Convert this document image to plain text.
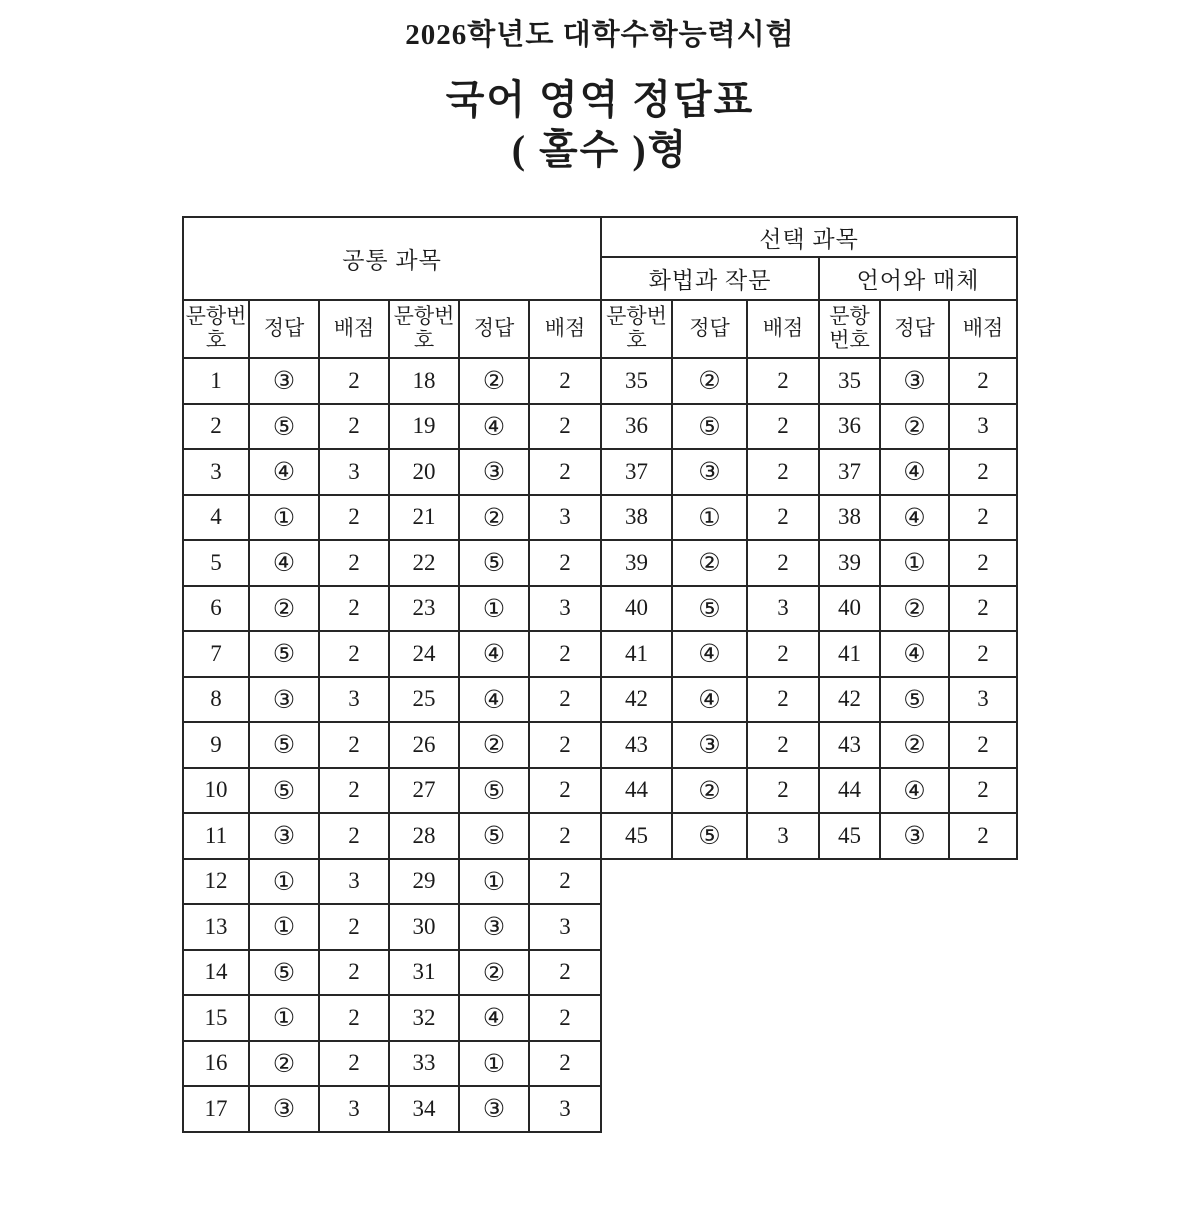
2026학년도 대학수학능력시험
국어 영역 정답표
( 홀수 )형
공통 과목						선택 과목					
						화법과 작문			언어와 매체		
문항번호	정답	배점	문항번호	정답	배점	문항번호	정답	배점	문항번호	정답	배점
1	③	2	18	②	2	35	②	2	35	③	2
2	⑤	2	19	④	2	36	⑤	2	36	②	3
3	④	3	20	③	2	37	③	2	37	④	2
4	①	2	21	②	3	38	①	2	38	④	2
5	④	2	22	⑤	2	39	②	2	39	①	2
6	②	2	23	①	3	40	⑤	3	40	②	2
7	⑤	2	24	④	2	41	④	2	41	④	2
8	③	3	25	④	2	42	④	2	42	⑤	3
9	⑤	2	26	②	2	43	③	2	43	②	2
10	⑤	2	27	⑤	2	44	②	2	44	④	2
11	③	2	28	⑤	2	45	⑤	3	45	③	2
12	①	3	29	①	2						
13	①	2	30	③	3						
14	⑤	2	31	②	2						
15	①	2	32	④	2						
16	②	2	33	①	2						
17	③	3	34	③	3						
